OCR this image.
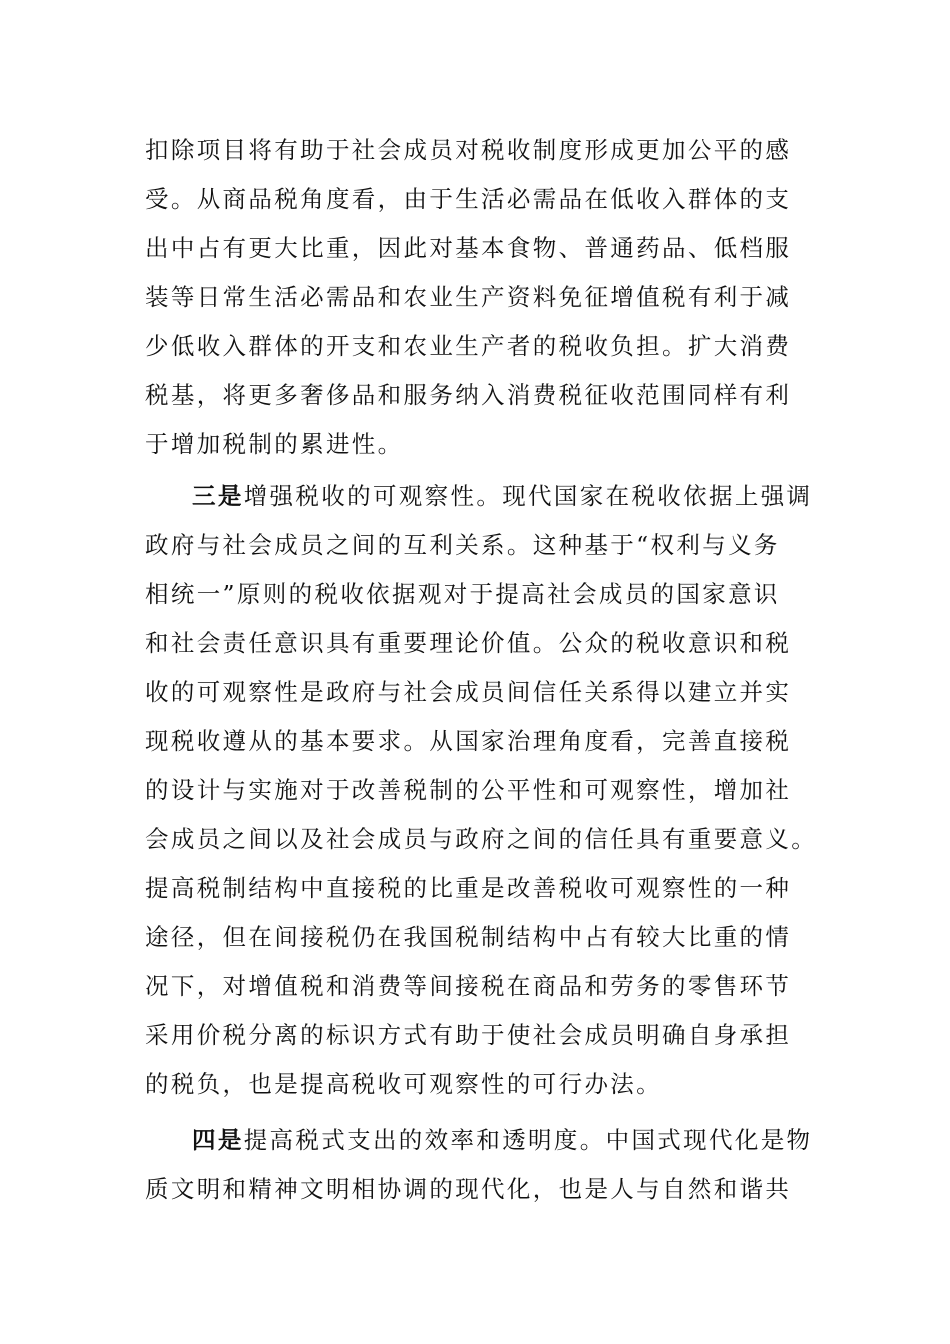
扣除项目将有助于社会成员对税收制度形成更加公平的感
受。从商品税角度看，由于生活必需品在低收入群体的支
出中占有更大比重，因此对基本食物、普通药品、低档服
装等日常生活必需品和农业生产资料免征增值税有利于减
少低收入群体的开支和农业生产者的税收负担。扩大消费
税基，将更多奢侈品和服务纳入消费税征收范围同样有利
于增加税制的累进性。
三是增强税收的可观察性。现代国家在税收依据上强调
政府与社会成员之间的互利关系。这种基于“权利与义务
相统一”原则的税收依据观对于提高社会成员的国家意识
和社会责任意识具有重要理论价值。公众的税收意识和税
收的可观察性是政府与社会成员间信任关系得以建立并实
现税收遵从的基本要求。从国家治理角度看，完善直接税
的设计与实施对于改善税制的公平性和可观察性，增加社
会成员之间以及社会成员与政府之间的信任具有重要意义。
提高税制结构中直接税的比重是改善税收可观察性的一种
途径，但在间接税仍在我国税制结构中占有较大比重的情
况下，对增值税和消费等间接税在商品和劳务的零售环节
采用价税分离的标识方式有助于使社会成员明确自身承担
的税负，也是提高税收可观察性的可行办法。
四是提高税式支出的效率和透明度。中国式现代化是物
质文明和精神文明相协调的现代化，也是人与自然和谐共
